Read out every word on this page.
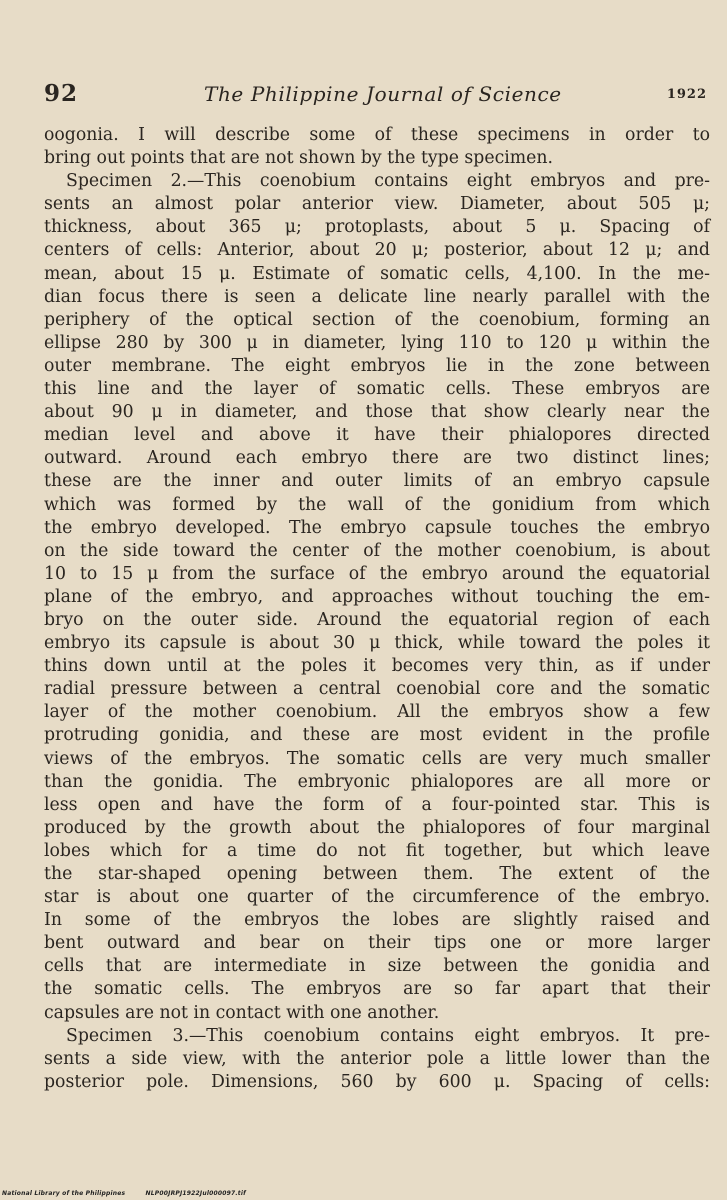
92	The Philippine Journal of Science	1922
oogonia. I will describe some of these specimens in order to
bring out points that are not shown by the type specimen.
Specimen 2.—This coenobium contains eight embryos and pre-
sents an almost polar anterior view. Diameter, about 505 μ;
thickness, about 365 μ; protoplasts, about 5 μ. Spacing of
centers of cells: Anterior, about 20 μ; posterior, about 12 μ; and
mean, about 15 μ. Estimate of somatic cells, 4,100. In the me-
dian focus there is seen a delicate line nearly parallel with the
periphery of the optical section of the coenobium, forming an
ellipse 280 by 300 μ in diameter, lying 110 to 120 μ within the
outer membrane. The eight embryos lie in the zone between
this line and the layer of somatic cells. These embryos are
about 90 μ in diameter, and those that show clearly near the
median level and above it have their phialopores directed
outward. Around each embryo there are two distinct lines;
these are the inner and outer limits of an embryo capsule
which was formed by the wall of the gonidium from which
the embryo developed. The embryo capsule touches the embryo
on the side toward the center of the mother coenobium, is about
10 to 15 μ from the surface of the embryo around the equatorial
plane of the embryo, and approaches without touching the em-
bryo on the outer side. Around the equatorial region of each
embryo its capsule is about 30 μ thick, while toward the poles it
thins down until at the poles it becomes very thin, as if under
radial pressure between a central coenobial core and the somatic
layer of the mother coenobium. All the embryos show a few
protruding gonidia, and these are most evident in the profile
views of the embryos. The somatic cells are very much smaller
than the gonidia. The embryonic phialopores are all more or
less open and have the form of a four-pointed star. This is
produced by the growth about the phialopores of four marginal
lobes which for a time do not fit together, but which leave
the star-shaped opening between them. The extent of the
star is about one quarter of the circumference of the embryo.
In some of the embryos the lobes are slightly raised and
bent outward and bear on their tips one or more larger
cells that are intermediate in size between the gonidia and
the somatic cells. The embryos are so far apart that their
capsules are not in contact with one another.
Specimen 3.—This coenobium contains eight embryos. It pre-
sents a side view, with the anterior pole a little lower than the
posterior pole. Dimensions, 560 by 600 μ. Spacing of cells:
National Library of the Philippines	NLP00JRPJ1922Jul000097.tif
